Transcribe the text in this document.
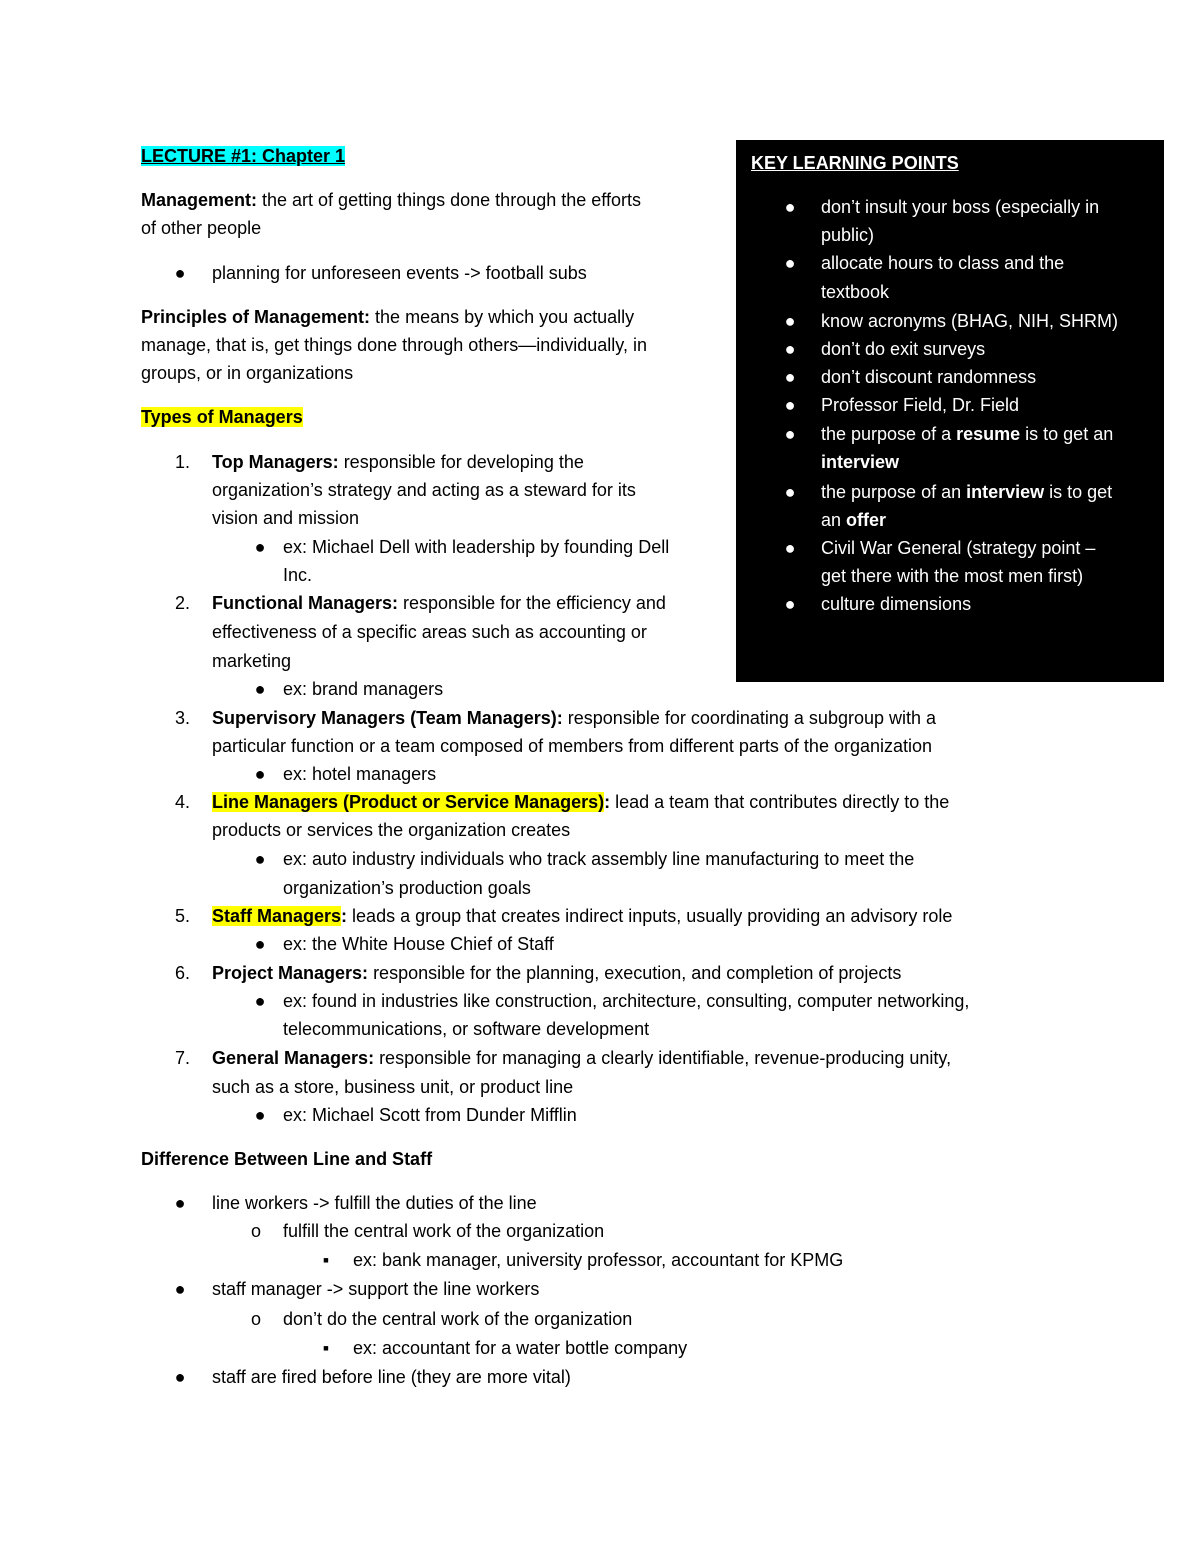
LECTURE #1: Chapter 1
Management: the art of getting things done through the efforts
of other people
● planning for unforeseen events -> football subs
Principles of Management: the means by which you actually
manage, that is, get things done through others—individually, in
groups, or in organizations
Types of Managers
1. Top Managers: responsible for developing the
organization’s strategy and acting as a steward for its
vision and mission
● ex: Michael Dell with leadership by founding Dell
Inc.
2. Functional Managers: responsible for the efficiency and
effectiveness of a specific areas such as accounting or
marketing
● ex: brand managers
3. Supervisory Managers (Team Managers): responsible for coordinating a subgroup with a
particular function or a team composed of members from different parts of the organization
● ex: hotel managers
4. Line Managers (Product or Service Managers): lead a team that contributes directly to the
products or services the organization creates
● ex: auto industry individuals who track assembly line manufacturing to meet the
organization’s production goals
5. Staff Managers: leads a group that creates indirect inputs, usually providing an advisory role
● ex: the White House Chief of Staff
6. Project Managers: responsible for the planning, execution, and completion of projects
● ex: found in industries like construction, architecture, consulting, computer networking,
telecommunications, or software development
7. General Managers: responsible for managing a clearly identifiable, revenue-producing unity,
such as a store, business unit, or product line
● ex: Michael Scott from Dunder Mifflin
Difference Between Line and Staff
● line workers -> fulfill the duties of the line
o fulfill the central work of the organization
▪	ex: bank manager, university professor, accountant for KPMG
● staff manager -> support the line workers
o don’t do the central work of the organization
▪	ex: accountant for a water bottle company
● staff are fired before line (they are more vital)
KEY LEARNING POINTS
● don’t insult your boss (especially in
public)
● allocate hours to class and the
textbook
● know acronyms (BHAG, NIH, SHRM)
● don’t do exit surveys
● don’t discount randomness
● Professor Field, Dr. Field
● the purpose of a resume is to get an
interview
● the purpose of an interview is to get
an offer
● Civil War General (strategy point –
get there with the most men first)
● culture dimensions
